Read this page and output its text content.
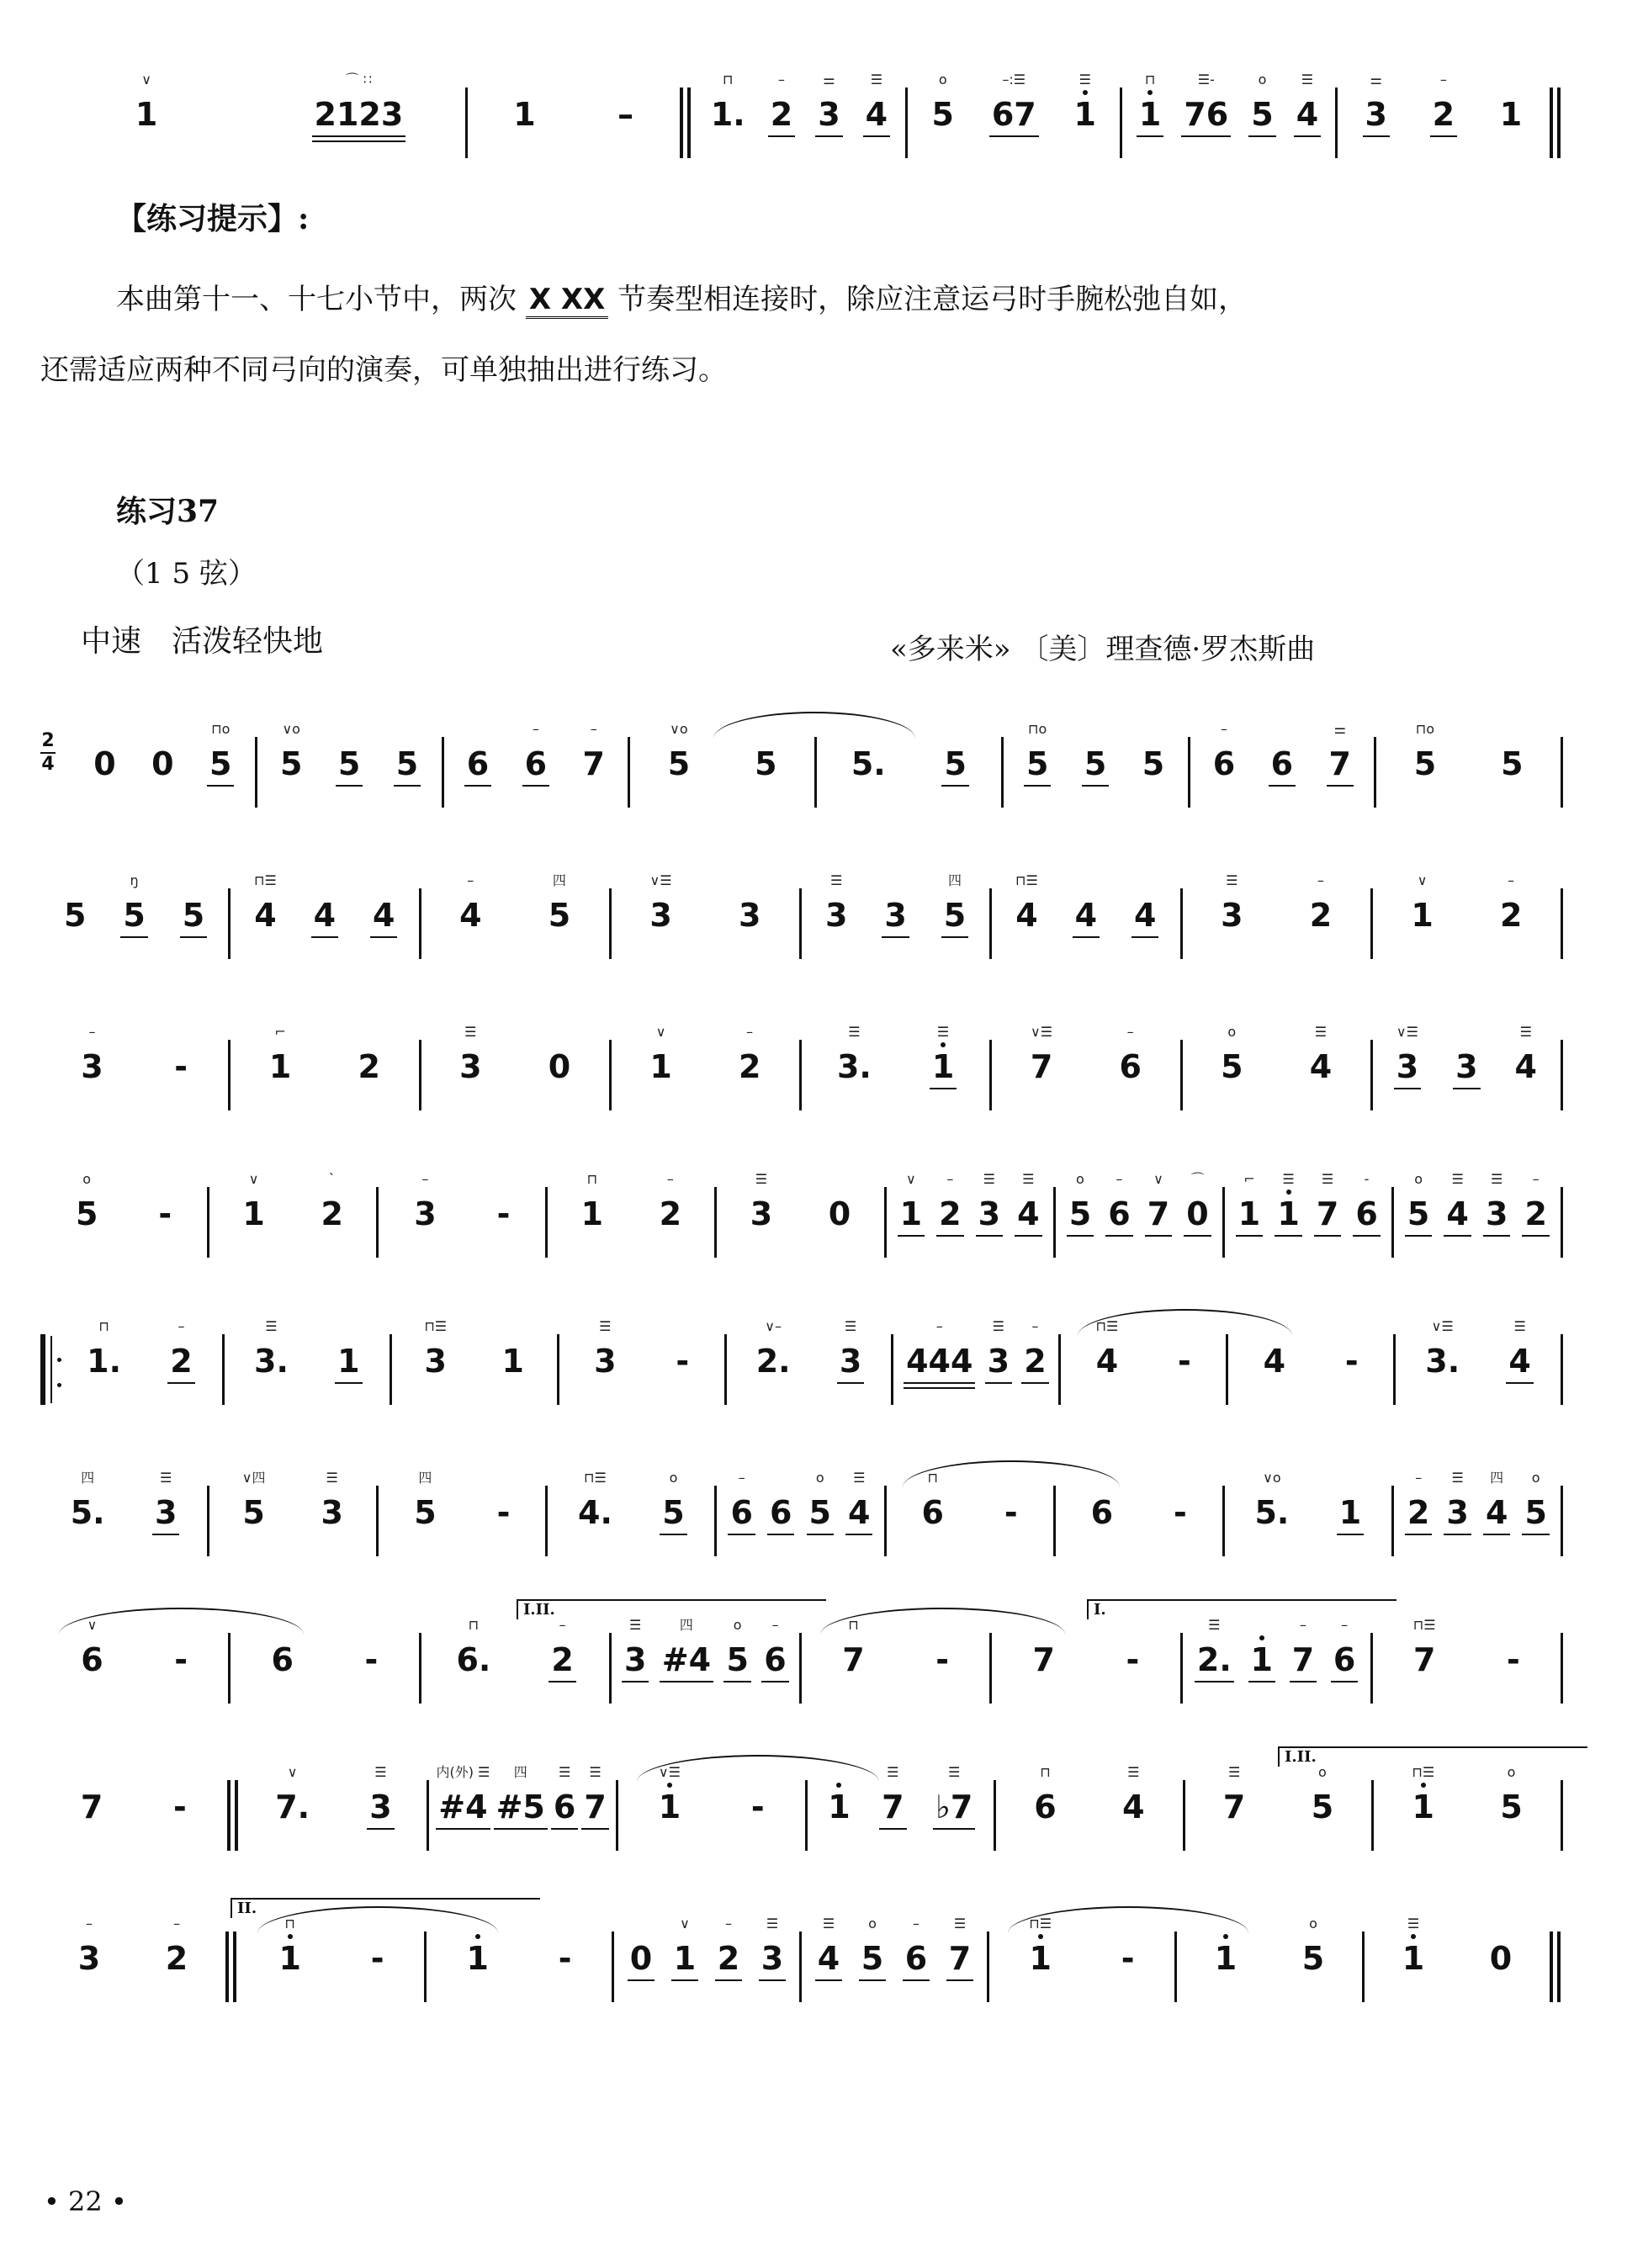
1
∨
2123
⌒ ∷
1	– 1.
⊓
2
–
3
⚌
4
☰
5
o
67
–:☰
1
☰
1
⊓
76
☰-
5
o
4
☰
3
⚌
2
–
1
【练习提示】:
本曲第十一、十七小节中，两次 X XX 节奏型相连接时，除应注意运弓时手腕松弛自如，
还需适应两种不同弓向的演奏，可单独抽出进行练习。
练习37
（1 5 弦）
中速　活泼轻快地	«多来米» 〔美〕理查德·罗杰斯曲
2
4 0 0 5
⊓o
5
∨o
5 5 6 6
–
7
–
5
∨o
5 5. 5 5
⊓o
5 5 6
–
6 7
⚌
5
⊓o
5
5 5
ŋ
5 4
⊓☰
4 4 4
–
5
四
3
∨☰
3 3
☰
3 5
四
4
⊓☰
4 4 3
☰
2
–
1
∨
2
–
3
–
-	1
⌐
2 3
☰
0 1
∨
2
–
3.
☰
1
☰
7
∨☰
6
–
5
o
4
☰
3
∨☰
3 4
☰
5
o
- 1
∨
2
ˋ
3
–
- 1
⊓
2
–
3
☰
0 1
∨
2
–
3
☰
4
☰
5
o
6
–
7
∨
0
⌒
1
⌐
1
☰
7
☰
6
-
5
o
4
☰
3
☰
2
–
1.
⊓
2
–
3.
☰
1 3
⊓☰
1 3
☰
- 2.
∨–
3
☰
444
–
3
☰
2
–
4
⊓☰
- 4 - 3.
∨☰
4
☰
5.
四
3
☰
5
∨四
3
☰
5
四
- 4.
⊓☰
5
o
6
–
6 5
o
4
☰
6
⊓
- 6 - 5.
∨o
1 2
–
3
☰
4
四
5
o
6
∨
-	6 - 6.
⊓
2
–
3
☰
#4
四
5
o
6
–
7
⊓
-	7 - 2.
☰
1 7
–
6
–
7
⊓☰
-
I.II.	I.
7 -	7.
∨
3
☰
#4
内(外) ☰
#5
四
6
☰
7
☰
1
∨☰
- 1 7
☰
♭7
☰
6
⊓
4
☰
7
☰
5
o
1
⊓☰
5
o
I.II.
3
–
2
–
1
⊓
-	1 - 0 1
∨
2
–
3
☰
4
☰
5
o
6
–
7
☰
1
⊓☰
-	1 5
o
1
☰
0
II.
• 22 •
